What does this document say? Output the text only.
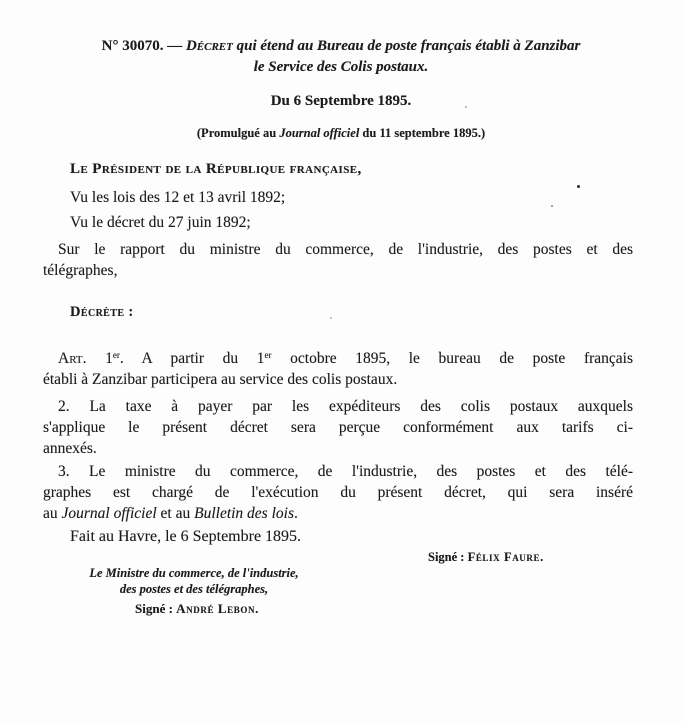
N° 30070. — Décret qui étend au Bureau de poste français établi à Zanzibar
le Service des Colis postaux.
Du 6 Septembre 1895.
(Promulgué au Journal officiel du 11 septembre 1895.)
Le Président de la République française,
Vu les lois des 12 et 13 avril 1892;
Vu le décret du 27 juin 1892;
Sur le rapport du ministre du commerce, de l'industrie, des postes et des
télégraphes,
Décrète :
Art. 1er. A partir du 1er octobre 1895, le bureau de poste français
établi à Zanzibar participera au service des colis postaux.
2. La taxe à payer par les expéditeurs des colis postaux auxquels
s'applique le présent décret sera perçue conformément aux tarifs ci-
annexés.
3. Le ministre du commerce, de l'industrie, des postes et des télé-
graphes est chargé de l'exécution du présent décret, qui sera inséré
au Journal officiel et au Bulletin des lois.
Fait au Havre, le 6 Septembre 1895.
Signé : Félix Faure.
Le Ministre du commerce, de l'industrie,
des postes et des télégraphes,
Signé : André Lebon.
